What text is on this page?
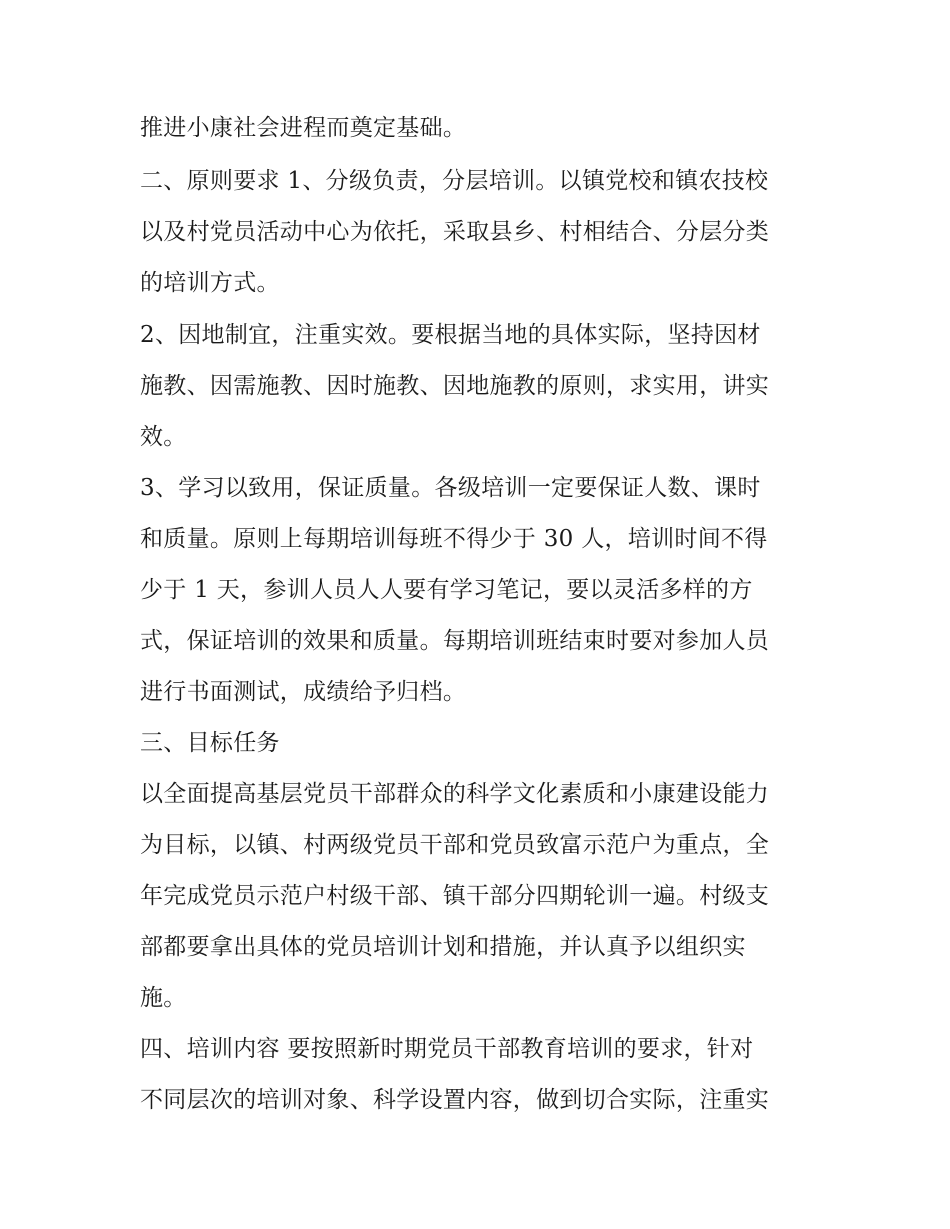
推进小康社会进程而奠定基础。
二、原则要求 1、分级负责，分层培训。以镇党校和镇农技校
以及村党员活动中心为依托，采取县乡、村相结合、分层分类
的培训方式。
2、因地制宜，注重实效。要根据当地的具体实际，坚持因材
施教、因需施教、因时施教、因地施教的原则，求实用，讲实
效。
3、学习以致用，保证质量。各级培训一定要保证人数、课时
和质量。原则上每期培训每班不得少于 30 人，培训时间不得
少于 1 天，参训人员人人要有学习笔记，要以灵活多样的方
式，保证培训的效果和质量。每期培训班结束时要对参加人员
进行书面测试，成绩给予归档。
三、目标任务
以全面提高基层党员干部群众的科学文化素质和小康建设能力
为目标，以镇、村两级党员干部和党员致富示范户为重点，全
年完成党员示范户村级干部、镇干部分四期轮训一遍。村级支
部都要拿出具体的党员培训计划和措施，并认真予以组织实
施。
四、培训内容 要按照新时期党员干部教育培训的要求，针对
不同层次的培训对象、科学设置内容，做到切合实际，注重实
